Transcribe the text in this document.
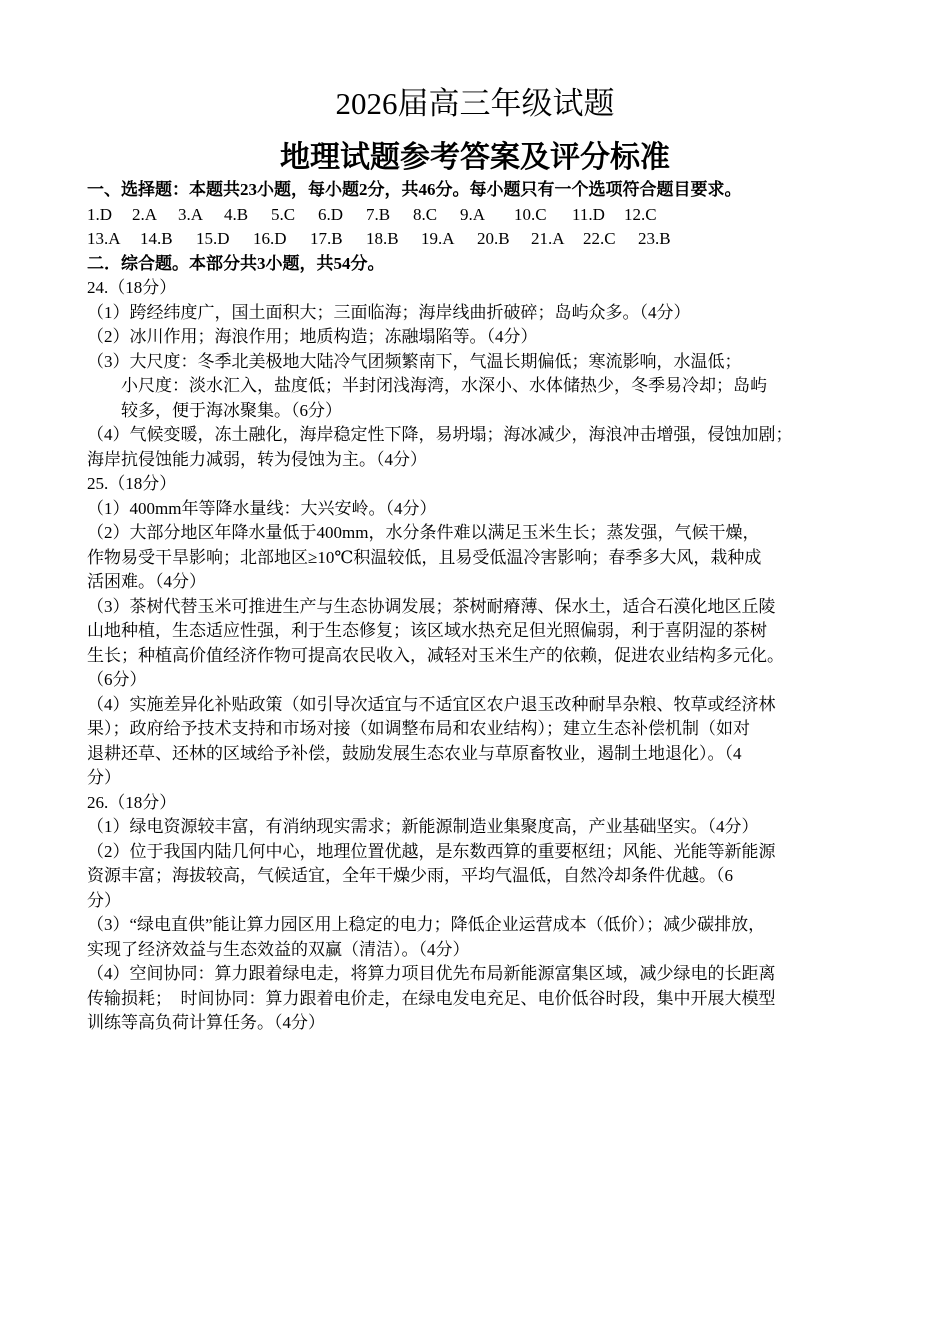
2026届高三年级试题
地理试题参考答案及评分标准
一、选择题：本题共23小题，每小题2分，共46分。每小题只有一个选项符合题目要求。
1.D	2.A	3.A	4.B	5.C	6.D	7.B	8.C	9.A	10.C	11.D	12.C
13.A	14.B	15.D	16.D	17.B	18.B	19.A	20.B	21.A	22.C	23.B
二．综合题。本部分共3小题，共54分。
24.（18分）
（1）跨经纬度广，国土面积大；三面临海；海岸线曲折破碎；岛屿众多。（4分）
（2）冰川作用；海浪作用；地质构造；冻融塌陷等。（4分）
（3）大尺度：冬季北美极地大陆冷气团频繁南下，气温长期偏低；寒流影响，水温低；
小尺度：淡水汇入，盐度低；半封闭浅海湾，水深小、水体储热少，冬季易冷却；岛屿
较多，便于海冰聚集。（6分）
（4）气候变暖，冻土融化，海岸稳定性下降，易坍塌；海冰减少，海浪冲击增强，侵蚀加剧；
海岸抗侵蚀能力减弱，转为侵蚀为主。（4分）
25.（18分）
（1）400mm年等降水量线：大兴安岭。（4分）
（2）大部分地区年降水量低于400mm，水分条件难以满足玉米生长；蒸发强，气候干燥，
作物易受干旱影响；北部地区≥10℃积温较低，且易受低温冷害影响；春季多大风，栽种成
活困难。（4分）
（3）茶树代替玉米可推进生产与生态协调发展；茶树耐瘠薄、保水土，适合石漠化地区丘陵
山地种植，生态适应性强，利于生态修复；该区域水热充足但光照偏弱，利于喜阴湿的茶树
生长；种植高价值经济作物可提高农民收入，减轻对玉米生产的依赖，促进农业结构多元化。
（6分）
（4）实施差异化补贴政策（如引导次适宜与不适宜区农户退玉改种耐旱杂粮、牧草或经济林
果）；政府给予技术支持和市场对接（如调整布局和农业结构）；建立生态补偿机制（如对
退耕还草、还林的区域给予补偿，鼓励发展生态农业与草原畜牧业，遏制土地退化）。（4
分）
26.（18分）
（1）绿电资源较丰富，有消纳现实需求；新能源制造业集聚度高，产业基础坚实。（4分）
（2）位于我国内陆几何中心，地理位置优越，是东数西算的重要枢纽；风能、光能等新能源
资源丰富；海拔较高，气候适宜，全年干燥少雨，平均气温低，自然冷却条件优越。（6
分）
（3）“绿电直供”能让算力园区用上稳定的电力；降低企业运营成本（低价）；减少碳排放，
实现了经济效益与生态效益的双赢（清洁）。（4分）
（4）空间协同：算力跟着绿电走，将算力项目优先布局新能源富集区域，减少绿电的长距离
传输损耗；　时间协同：算力跟着电价走，在绿电发电充足、电价低谷时段，集中开展大模型
训练等高负荷计算任务。（4分）
